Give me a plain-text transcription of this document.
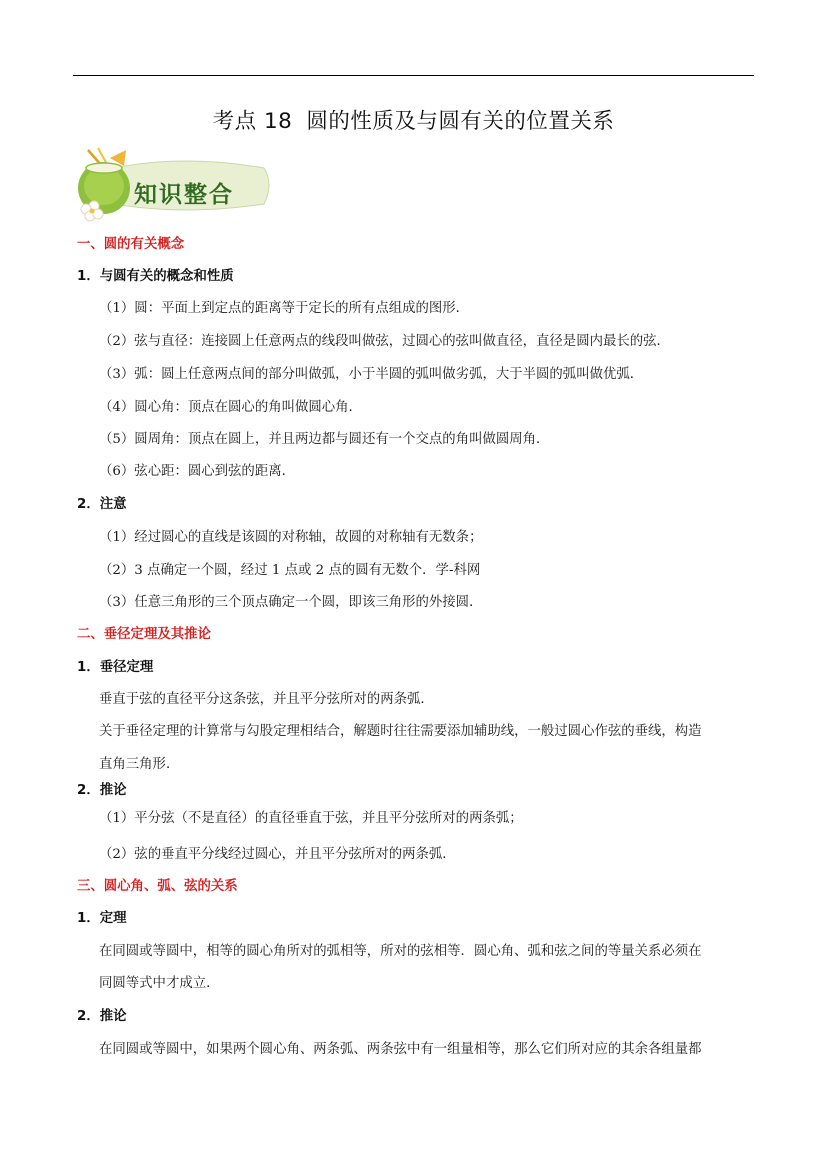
考点 18 圆的性质及与圆有关的位置关系
知识整合
一、圆的有关概念
1．与圆有关的概念和性质
（1）圆：平面上到定点的距离等于定长的所有点组成的图形．
（2）弦与直径：连接圆上任意两点的线段叫做弦，过圆心的弦叫做直径，直径是圆内最长的弦．
（3）弧：圆上任意两点间的部分叫做弧，小于半圆的弧叫做劣弧，大于半圆的弧叫做优弧．
（4）圆心角：顶点在圆心的角叫做圆心角．
（5）圆周角：顶点在圆上，并且两边都与圆还有一个交点的角叫做圆周角．
（6）弦心距：圆心到弦的距离．
2．注意
（1）经过圆心的直线是该圆的对称轴，故圆的对称轴有无数条；
（2）3 点确定一个圆，经过 1 点或 2 点的圆有无数个．学-科网
（3）任意三角形的三个顶点确定一个圆，即该三角形的外接圆．
二、垂径定理及其推论
1．垂径定理
垂直于弦的直径平分这条弦，并且平分弦所对的两条弧．
关于垂径定理的计算常与勾股定理相结合，解题时往往需要添加辅助线，一般过圆心作弦的垂线，构造
直角三角形．
2．推论
（1）平分弦（不是直径）的直径垂直于弦，并且平分弦所对的两条弧；
（2）弦的垂直平分线经过圆心，并且平分弦所对的两条弧．
三、圆心角、弧、弦的关系
1．定理
在同圆或等圆中，相等的圆心角所对的弧相等，所对的弦相等．圆心角、弧和弦之间的等量关系必须在
同圆等式中才成立．
2．推论
在同圆或等圆中，如果两个圆心角、两条弧、两条弦中有一组量相等，那么它们所对应的其余各组量都
